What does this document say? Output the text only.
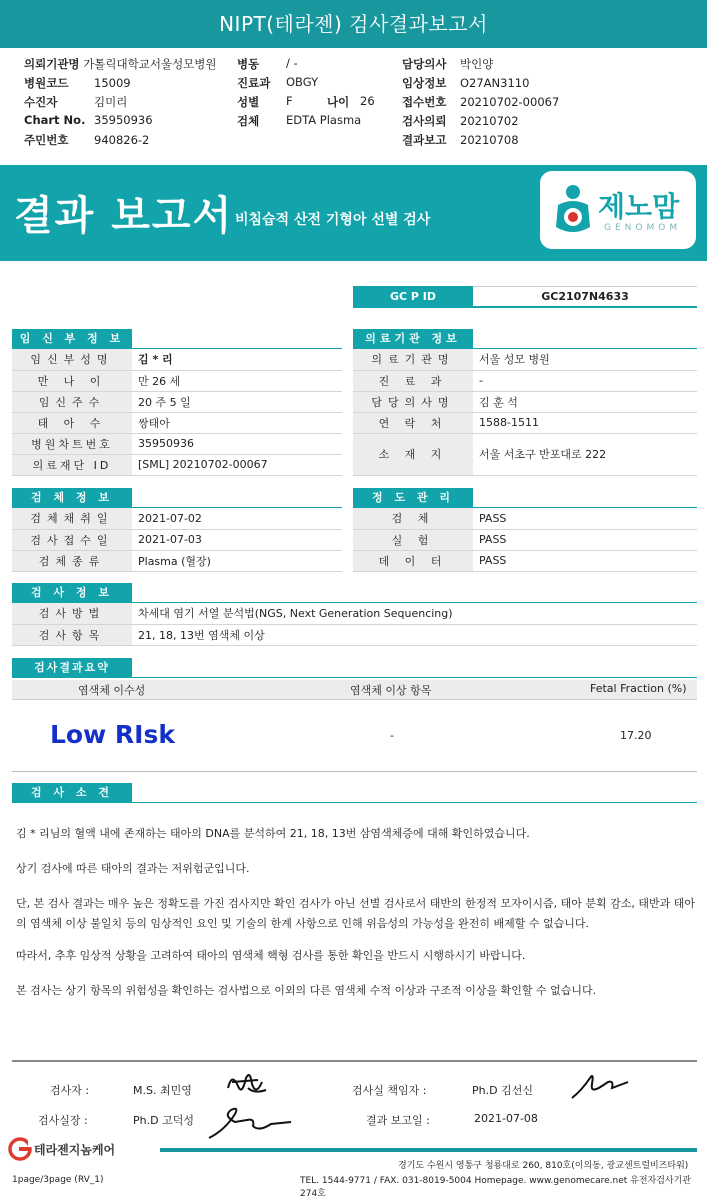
NIPT(테라젠) 검사결과보고서
의뢰기관명 가톨릭대학교서울성모병원
병원코드 15009
수진자	김미리
Chart No. 35950936
주민번호 940826-2
병동 / -
진료과 OBGY
성별 F	나이 26
검체 EDTA Plasma
담당의사 박인양
임상정보 O27AN3110
접수번호 20210702-00067
검사의뢰 20210702
결과보고 20210708
결과 보고서 비침습적 산전 기형아 선별 검사	제노맘
GENOMOM
GC P ID	GC2107N4633
임 신 부 정 보
임신부성명	김 * 리
만 나 이	만 26 세
임신주수	20 주 5 일
태 아 수	쌍태아
병원차트번호	35950936
의료재단 ID	[SML] 20210702-00067
의료기관 정보
의료기관명	서울 성모 병원
진 료 과	-
담당의사명	김 훈 석
연 락 처	1588-1511
소 재 지	서울 서초구 반포대로 222
검 체 정 보
검체채취일	2021-07-02
검사접수일	2021-07-03
검체종류	Plasma (혈장)
정 도 관 리
검 체	PASS
실 험	PASS
데 이 터	PASS
검 사 정 보
검사방법	차세대 염기 서열 분석법(NGS, Next Generation Sequencing)
검사항목	21, 18, 13번 염색체 이상
검사결과요약
염색체 이수성	염색체 이상 항목	Fetal Fraction (%)
Low RIsk	-	17.20
검 사 소 견
김 * 리님의 혈액 내에 존재하는 태아의 DNA를 분석하여 21, 18, 13번 삼염색체증에 대해 확인하였습니다.
상기 검사에 따른 태아의 결과는 저위험군입니다.
단, 본 검사 결과는 매우 높은 정확도를 가진 검사지만 확인 검사가 아닌 선별 검사로서 태반의 한정적 모자이시즘, 태아 분획 감소, 태반과 태아의 염색체 이상 불일치 등의 임상적인 요인 및 기술의 한계 사항으로 인해 위음성의 가능성을 완전히 배제할 수 없습니다.
따라서, 추후 임상적 상황을 고려하여 태아의 염색체 핵형 검사를 통한 확인을 반드시 시행하시기 바랍니다.
본 검사는 상기 항목의 위험성을 확인하는 검사법으로 이외의 다른 염색체 수적 이상과 구조적 이상을 확인할 수 없습니다.
검사자 :	M.S. 최민영	검사실 책임자 :	Ph.D 김선신
검사실장 :	Ph.D 고덕성	결과 보고일 :	2021-07-08
테라젠지놈케어
1page/3page (RV_1)
경기도 수원시 영통구 청룡대로 260, 810호(이의동, 광교센트럴비즈타워)
TEL. 1544-9771 / FAX. 031-8019-5004 Homepage. www.genomecare.net 유전자검사기관 274호
